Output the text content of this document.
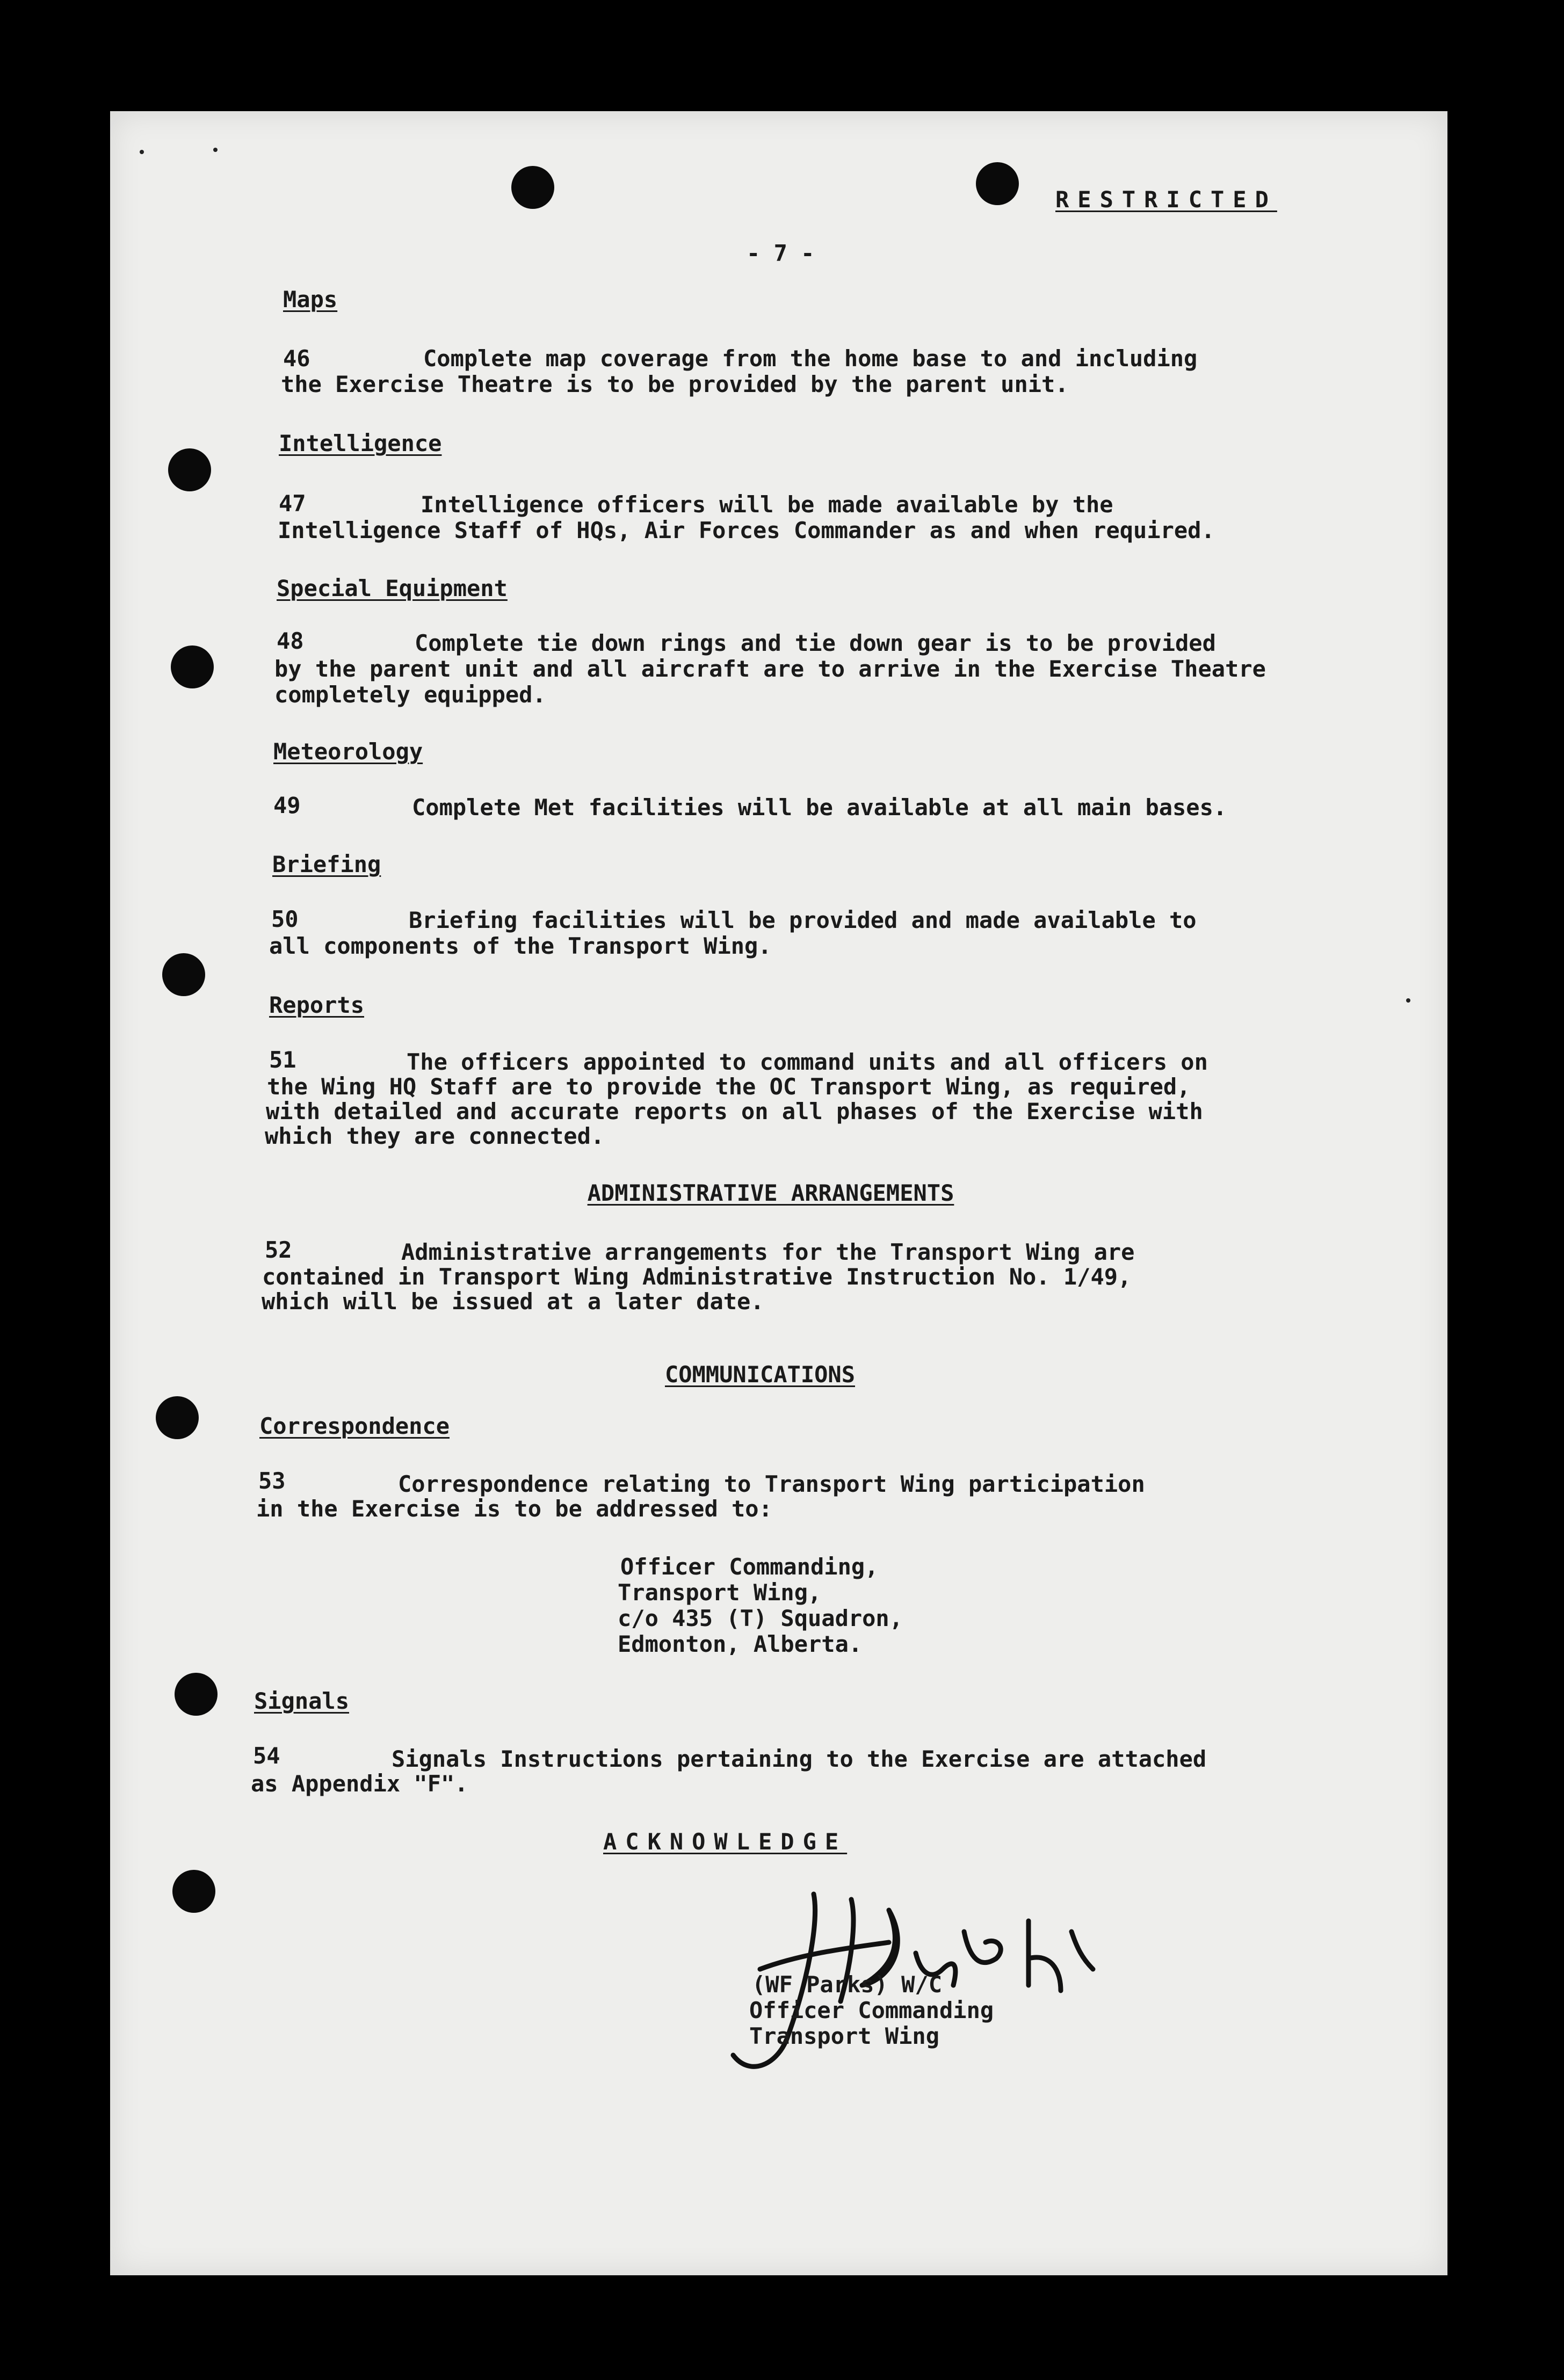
RESTRICTED
- 7 -
Maps
46	Complete map coverage from the home base to and including
the Exercise Theatre is to be provided by the parent unit.
Intelligence
47	Intelligence officers will be made available by the
Intelligence Staff of HQs, Air Forces Commander as and when required.
Special Equipment
48	Complete tie down rings and tie down gear is to be provided
by the parent unit and all aircraft are to arrive in the Exercise Theatre
completely equipped.
Meteorology
49	Complete Met facilities will be available at all main bases.
Briefing
50	Briefing facilities will be provided and made available to
all components of the Transport Wing.
Reports
51	The officers appointed to command units and all officers on
the Wing HQ Staff are to provide the OC Transport Wing, as required,
with detailed and accurate reports on all phases of the Exercise with
which they are connected.
ADMINISTRATIVE ARRANGEMENTS
52	Administrative arrangements for the Transport Wing are
contained in Transport Wing Administrative Instruction No. 1/49,
which will be issued at a later date.
COMMUNICATIONS
Correspondence
53	Correspondence relating to Transport Wing participation
in the Exercise is to be addressed to:
Officer Commanding,
Transport Wing,
c/o 435 (T) Squadron,
Edmonton, Alberta.
Signals
54	Signals Instructions pertaining to the Exercise are attached
as Appendix "F".
ACKNOWLEDGE
(WF Parks) W/C
Officer Commanding
Transport Wing
